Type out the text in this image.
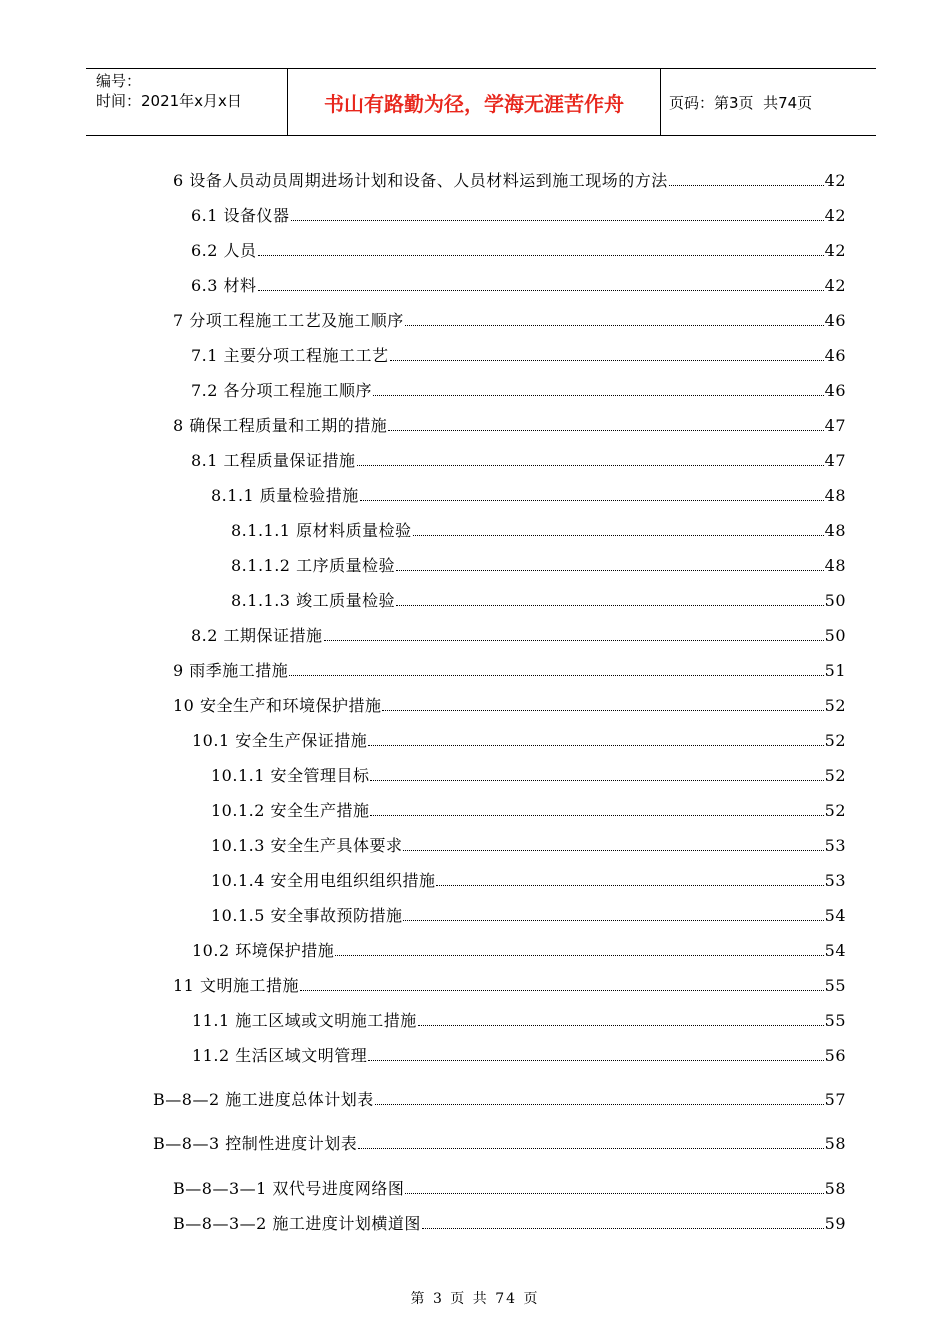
编号：
时间：2021年x月x日	书山有路勤为径，学海无涯苦作舟	页码：第3页  共74页
6 设备人员动员周期进场计划和设备、人员材料运到施工现场的方法	42
6.1 设备仪器	42
6.2 人员	42
6.3 材料	42
7 分项工程施工工艺及施工顺序	46
7.1 主要分项工程施工工艺	46
7.2 各分项工程施工顺序	46
8 确保工程质量和工期的措施	47
8.1 工程质量保证措施	47
8.1.1 质量检验措施	48
8.1.1.1 原材料质量检验	48
8.1.1.2 工序质量检验	48
8.1.1.3 竣工质量检验	50
8.2 工期保证措施	50
9 雨季施工措施	51
10 安全生产和环境保护措施	52
10.1 安全生产保证措施	52
10.1.1 安全管理目标	52
10.1.2 安全生产措施	52
10.1.3 安全生产具体要求	53
10.1.4 安全用电组织组织措施	53
10.1.5 安全事故预防措施	54
10.2 环境保护措施	54
11 文明施工措施	55
11.1 施工区域或文明施工措施	55
11.2 生活区域文明管理	56
B—8—2 施工进度总体计划表	57
B—8—3 控制性进度计划表	58
B—8—3—1 双代号进度网络图	58
B—8—3—2 施工进度计划横道图	59
第 3 页 共 74 页
